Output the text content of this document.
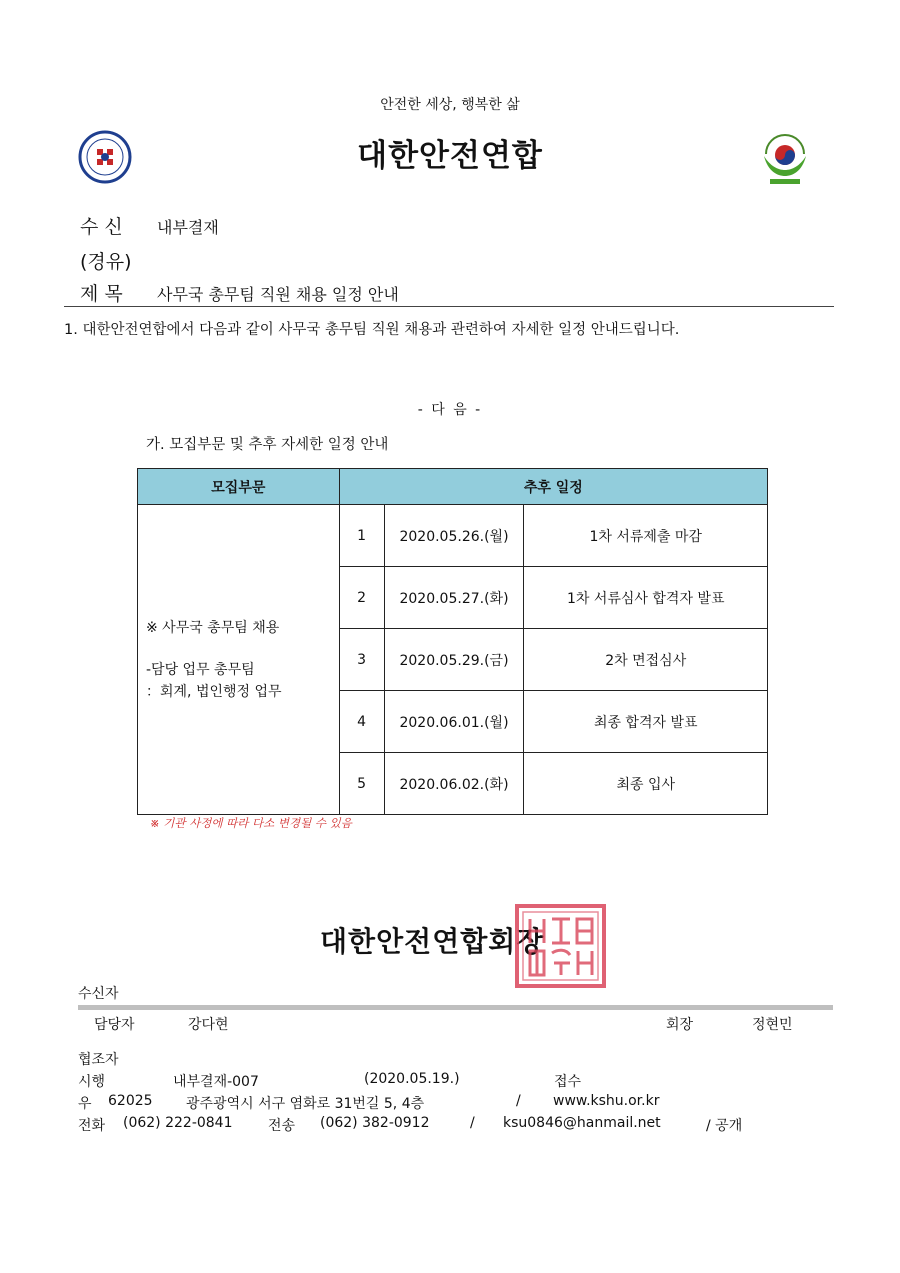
안전한 세상, 행복한 삶
대한안전연합
수 신 내부결재
(경유)
제 목 사무국 총무팀 직원 채용 일정 안내
1. 대한안전연합에서 다음과 같이 사무국 총무팀 직원 채용과 관련하여 자세한 일정 안내드립니다.
- 다 음 -
가. 모집부문 및 추후 자세한 일정 안내
모집부문	추후 일정		

※ 사무국 총무팀 채용
-담당 업무 총무팀
：회계, 법인행정 업무	1	2020.05.26.(월)	1차 서류제출 마감
	2	2020.05.27.(화)	1차 서류심사 합격자 발표
	3	2020.05.29.(금)	2차 면접심사
	4	2020.06.01.(월)	최종 합격자 발표
	5	2020.06.02.(화)	최종 입사
※ 기관 사정에 따라 다소 변경될 수 있음
대한안전연합회장
수신자
담당자	강다현	회장	정현민
협조자
시행	내부결재-007	(2020.05.19.)	접수
우 62025 광주광역시 서구 염화로 31번길 5, 4층	/ www.kshu.or.kr
전화 (062) 222-0841	전송 (062) 382-0912	/ ksu0846@hanmail.net	/ 공개
